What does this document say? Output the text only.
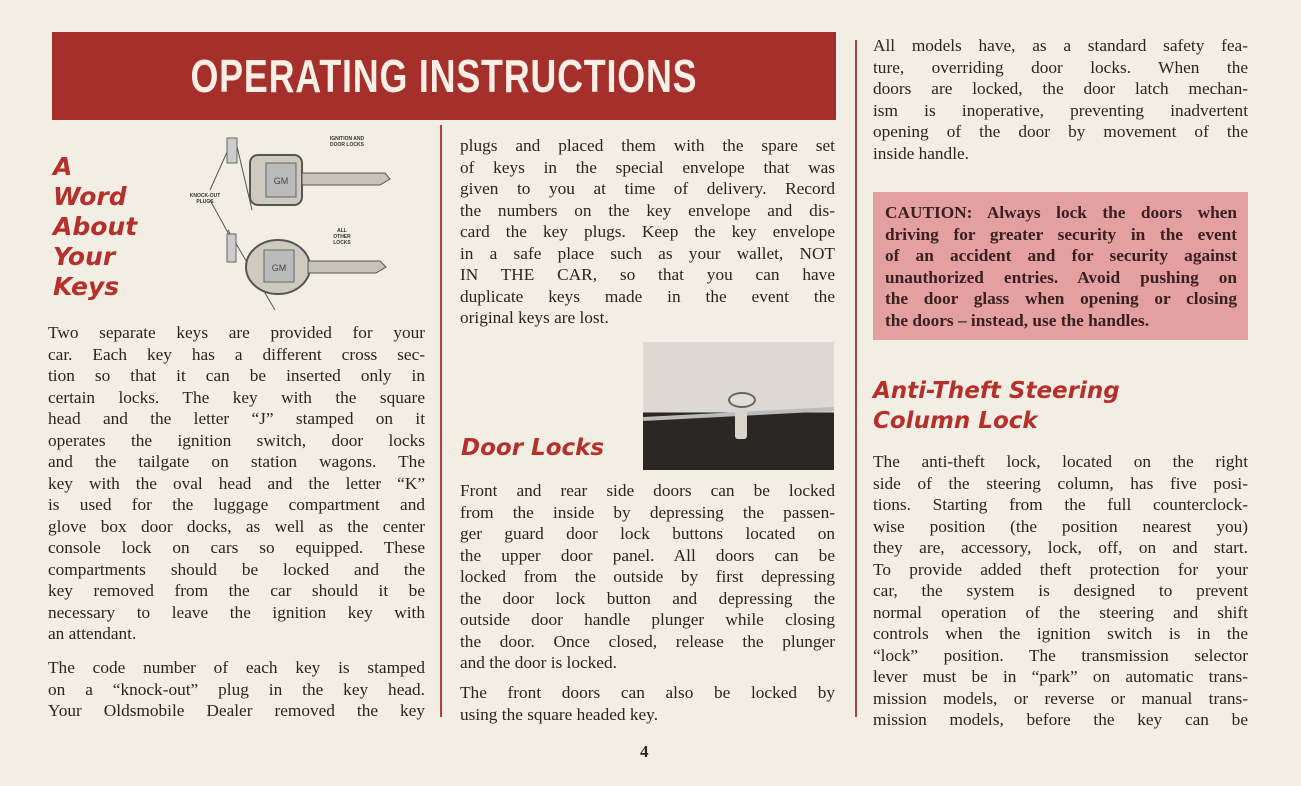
OPERATING INSTRUCTIONS
A
Word
About
Your
Keys
GM
GM
IGNITION AND DOOR LOCKS
KNOCK-OUT PLUGS
ALL OTHER LOCKS
Two separate keys are provided for your
car. Each key has a different cross sec-
tion so that it can be inserted only in
certain locks. The key with the square
head and the letter “J” stamped on it
operates the ignition switch, door locks
and the tailgate on station wagons. The
key with the oval head and the letter “K”
is used for the luggage compartment and
glove box door docks, as well as the center
console lock on cars so equipped. These
compartments should be locked and the
key removed from the car should it be
necessary to leave the ignition key with
an attendant.
The code number of each key is stamped
on a “knock-out” plug in the key head.
Your Oldsmobile Dealer removed the key
plugs and placed them with the spare set
of keys in the special envelope that was
given to you at time of delivery. Record
the numbers on the key envelope and dis-
card the key plugs. Keep the key envelope
in a safe place such as your wallet, NOT
IN THE CAR, so that you can have
duplicate keys made in the event the
original keys are lost.
Door Locks
Front and rear side doors can be locked
from the inside by depressing the passen-
ger guard door lock buttons located on
the upper door panel. All doors can be
locked from the outside by first depressing
the door lock button and depressing the
outside door handle plunger while closing
the door. Once closed, release the plunger
and the door is locked.
The front doors can also be locked by
using the square headed key.
All models have, as a standard safety fea-
ture, overriding door locks. When the
doors are locked, the door latch mechan-
ism is inoperative, preventing inadvertent
opening of the door by movement of the
inside handle.
CAUTION: Always lock the doors when
driving for greater security in the event
of an accident and for security against
unauthorized entries. Avoid pushing on
the door glass when opening or closing
the doors – instead, use the handles.
Anti-Theft Steering
Column Lock
The anti-theft lock, located on the right
side of the steering column, has five posi-
tions. Starting from the full counterclock-
wise position (the position nearest you)
they are, accessory, lock, off, on and start.
To provide added theft protection for your
car, the system is designed to prevent
normal operation of the steering and shift
controls when the ignition switch is in the
“lock” position. The transmission selector
lever must be in “park” on automatic trans-
mission models, or reverse or manual trans-
mission models, before the key can be
4
